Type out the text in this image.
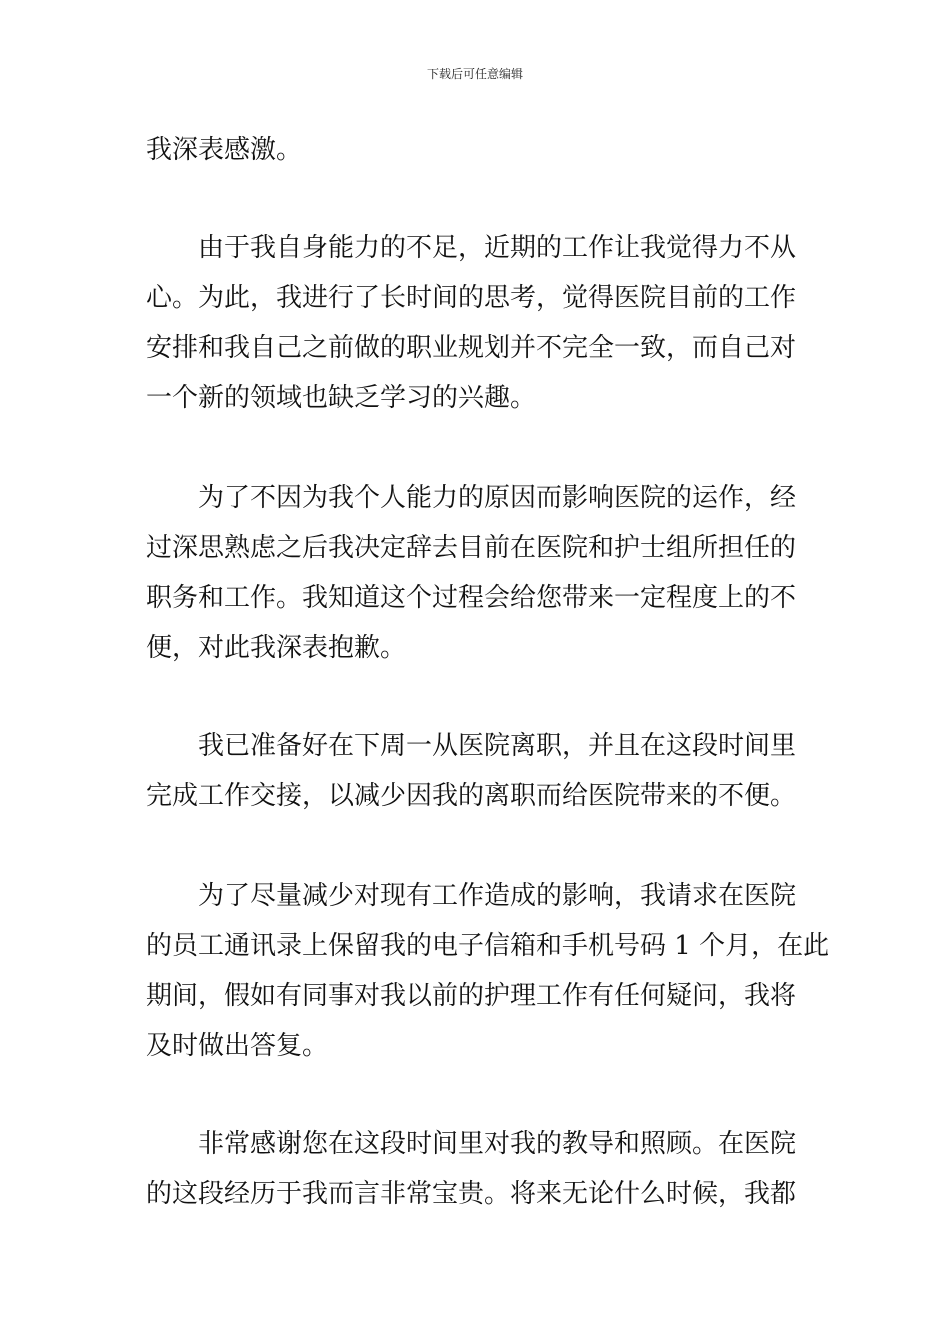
下载后可任意编辑
我深表感激。
由于我自身能力的不足，近期的工作让我觉得力不从
心。为此，我进行了长时间的思考，觉得医院目前的工作
安排和我自己之前做的职业规划并不完全一致，而自己对
一个新的领域也缺乏学习的兴趣。
为了不因为我个人能力的原因而影响医院的运作，经
过深思熟虑之后我决定辞去目前在医院和护士组所担任的
职务和工作。我知道这个过程会给您带来一定程度上的不
便，对此我深表抱歉。
我已准备好在下周一从医院离职，并且在这段时间里
完成工作交接，以减少因我的离职而给医院带来的不便。
为了尽量减少对现有工作造成的影响，我请求在医院
的员工通讯录上保留我的电子信箱和手机号码 1 个月，在此
期间，假如有同事对我以前的护理工作有任何疑问，我将
及时做出答复。
非常感谢您在这段时间里对我的教导和照顾。在医院
的这段经历于我而言非常宝贵。将来无论什么时候，我都
